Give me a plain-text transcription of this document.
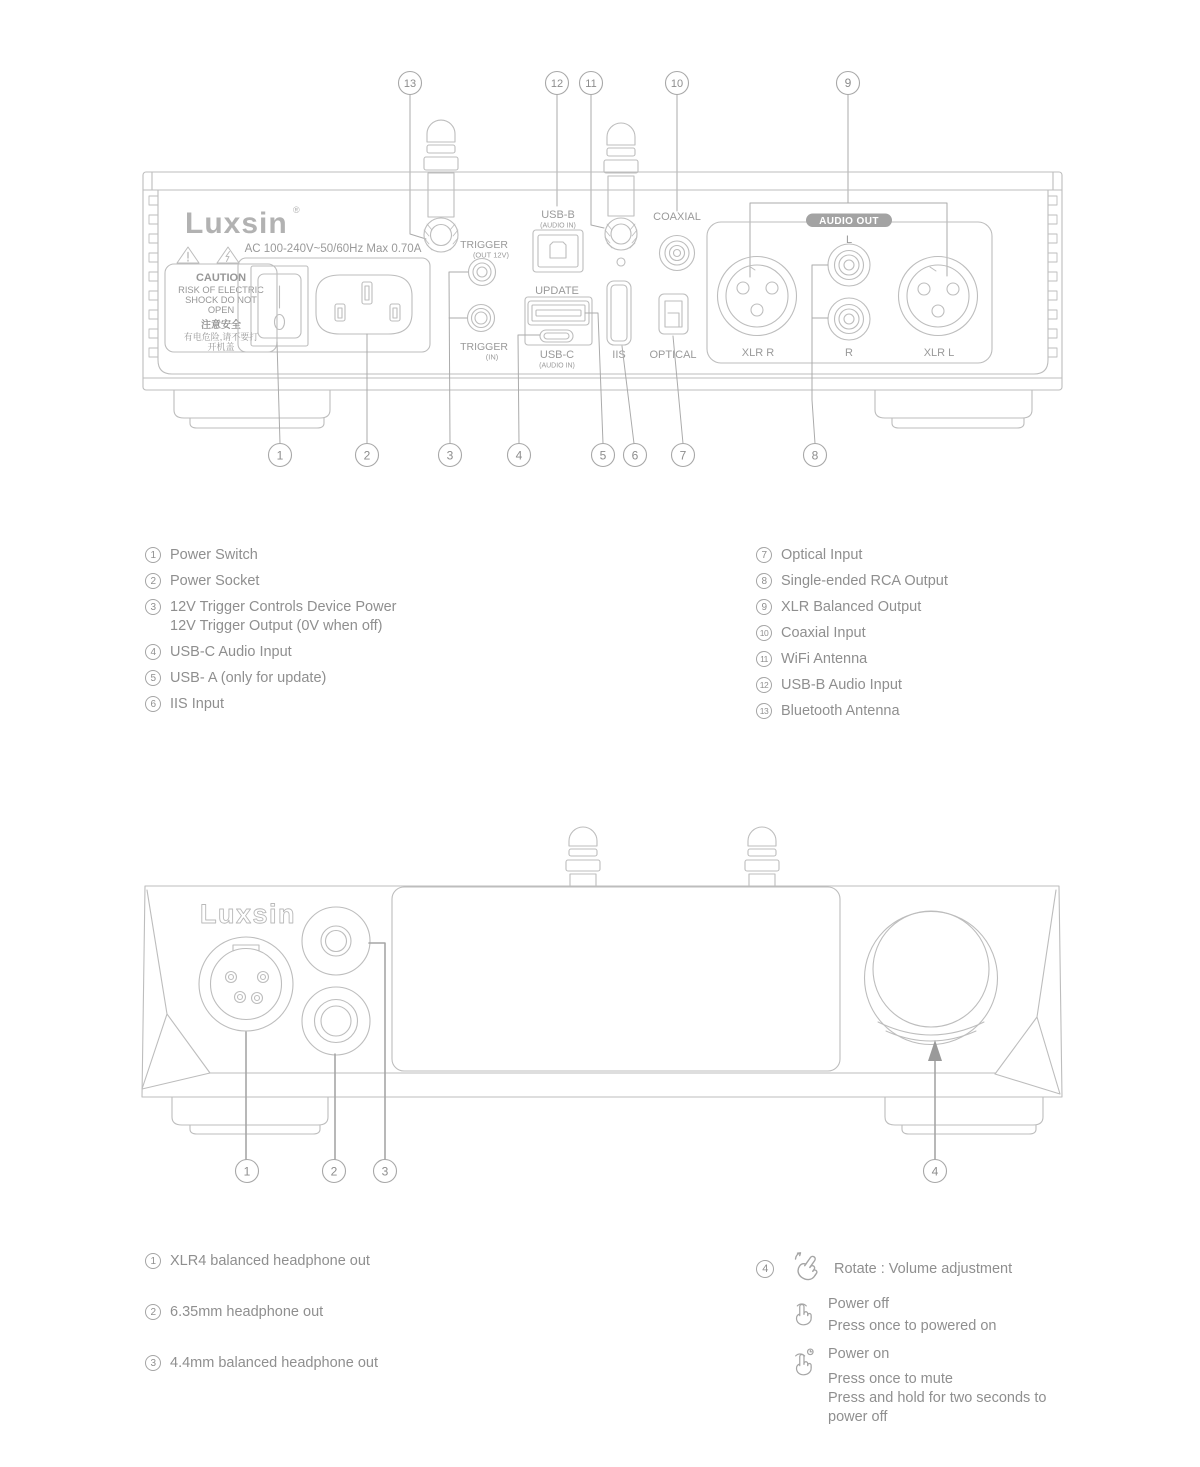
13	12 11	10	9
Luxsin ®
CAUTION
RISK OF ELECTRIC
SHOCK DO NOT
OPEN
注意安全
有电危险,请不要打
开机盖
AC 100-240V~50/60Hz Max 0.70A	TRIGGER
(OUT 12V)
TRIGGER
(IN)
USB-B
(AUDIO IN)
UPDATE
USB-C
(AUDIO IN)
IIS
COAXIAL
OPTICAL
AUDIO OUT
L
R
XLR R	XLR L
1	2	3	4	5 6	7	8
Luxsin
1	2	3	4
1 Power Switch
2 Power Socket
3 12V Trigger Controls Device Power
12V Trigger Output (0V when off)
4 USB-C Audio Input
5 USB- A (only for update)
6 IIS Input
7 Optical Input
8 Single-ended RCA Output
9 XLR Balanced Output
10 Coaxial Input
11 WiFi Antenna
12 USB-B Audio Input
13 Bluetooth Antenna
1 XLR4 balanced headphone out
2 6.35mm headphone out
3 4.4mm balanced headphone out
4	Rotate : Volume adjustment
Power off
Press once to powered on
Power on
Press once to mute
Press and hold for two seconds to
power off
